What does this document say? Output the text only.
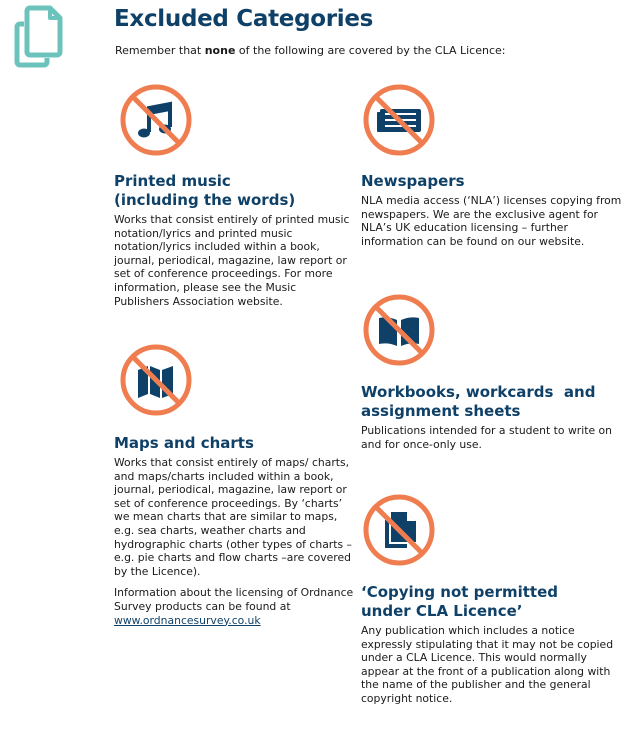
Excluded Categories

Remember that none of the following are covered by the CLA Licence:

Printed music
(including the words)

Works that consist entirely of printed music notation/lyrics and printed music notation/lyrics included within a book, journal, periodical, magazine, law report or set of conference proceedings. For more information, please see the Music Publishers Association website.

Newspapers

NLA media access (‘NLA’) licenses copying from newspapers. We are the exclusive agent for NLA’s UK education licensing – further information can be found on our website.

Workbooks, workcards  and
assignment sheets

Publications intended for a student to write on and for once-only use.

Maps and charts

Works that consist entirely of maps/ charts, and maps/charts included within a book, journal, periodical, magazine, law report or set of conference proceedings. By ‘charts’ we mean charts that are similar to maps, e.g. sea charts, weather charts and hydrographic charts (other types of charts – e.g. pie charts and flow charts –are covered by the Licence).

Information about the licensing of Ordnance Survey products can be found at www.ordnancesurvey.co.uk

‘Copying not permitted
under CLA Licence’

Any publication which includes a notice expressly stipulating that it may not be copied under a CLA Licence. This would normally appear at the front of a publication along with the name of the publisher and the general copyright notice.
